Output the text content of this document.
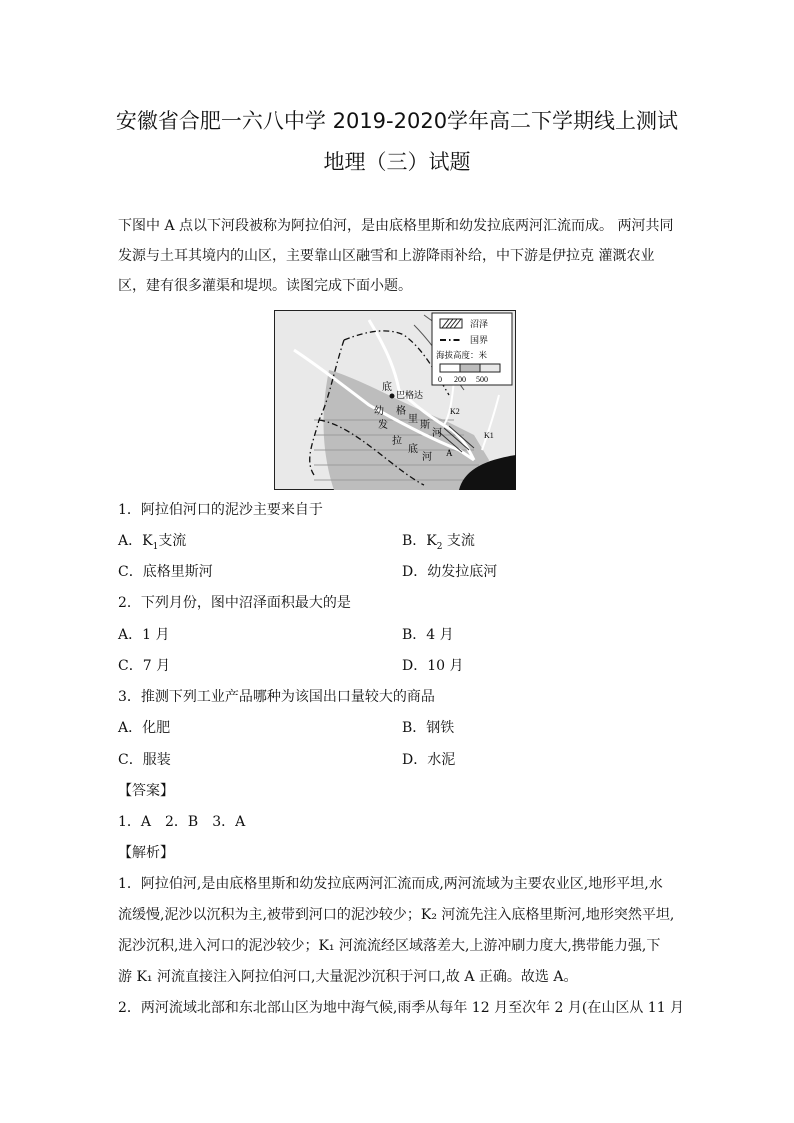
安徽省合肥一六八中学 2019-2020学年高二下学期线上测试
地理（三）试题
下图中 A 点以下河段被称为阿拉伯河，是由底格里斯和幼发拉底两河汇流而成。 两河共同发源与土耳其境内的山区，主要靠山区融雪和上游降雨补给，中下游是伊拉克 灌溉农业区，建有很多灌渠和堤坝。读图完成下面小题。
沼泽
国界
海拔高度：米
0 200 500
巴格达
底
格
里
斯
河
幼
发
拉
底
河
K2
K1
A
1．阿拉伯河口的泥沙主要来自于
A．$K_1$支流	B．$K_2$ 支流
C．底格里斯河	D．幼发拉底河
2．下列月份，图中沼泽面积最大的是
A．1 月	B．4 月
C．7 月	D．10 月
3．推测下列工业产品哪种为该国出口量较大的商品
A．化肥	B．钢铁
C．服装	D．水泥
【答案】
1．A　2．B　3．A
【解析】
1．阿拉伯河,是由底格里斯和幼发拉底两河汇流而成,两河流域为主要农业区,地形平坦,水
流缓慢,泥沙以沉积为主,被带到河口的泥沙较少；K₂ 河流先注入底格里斯河,地形突然平坦,
泥沙沉积,进入河口的泥沙较少；K₁ 河流流经区域落差大,上游冲刷力度大,携带能力强,下
游 K₁ 河流直接注入阿拉伯河口,大量泥沙沉积于河口,故 A 正确。故选 A。
2．两河流域北部和东北部山区为地中海气候,雨季从每年 12 月至次年 2 月(在山区从 11 月
